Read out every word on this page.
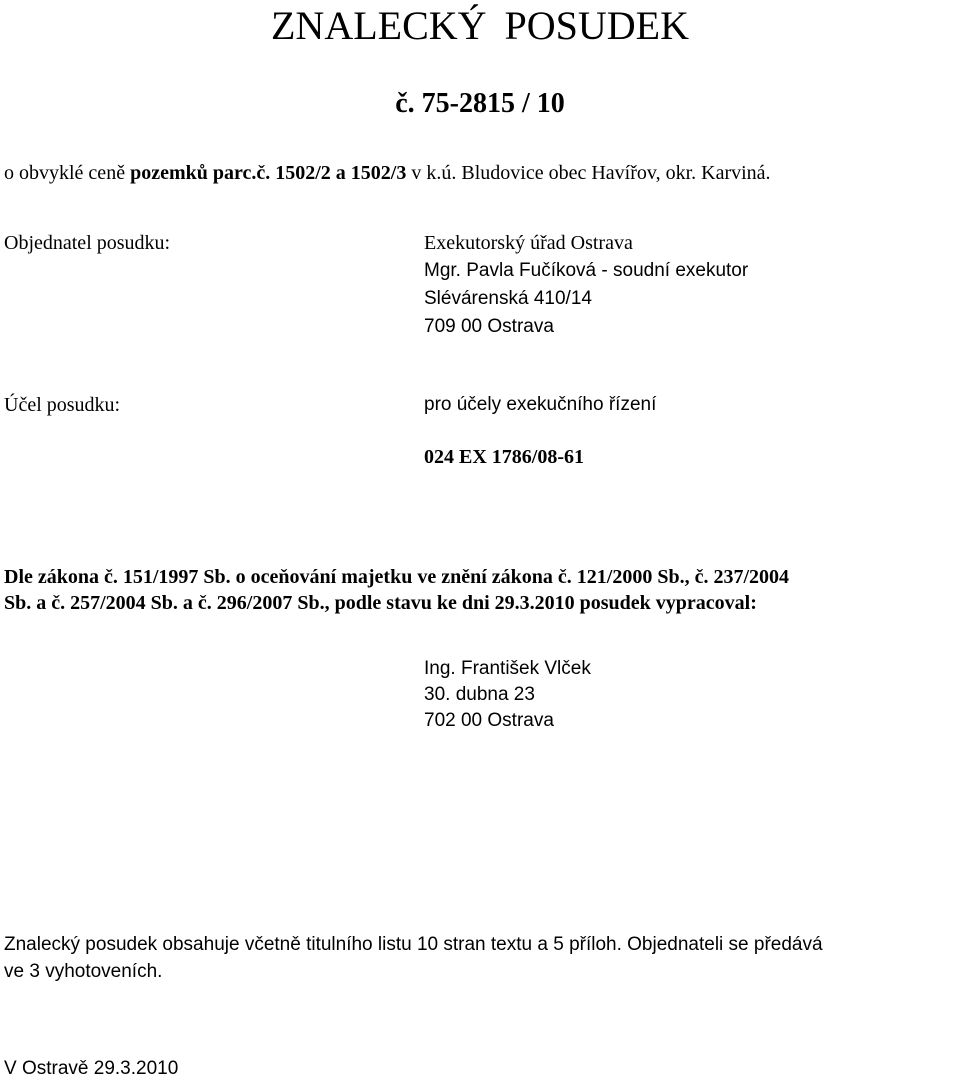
ZNALECKÝ POSUDEK
č. 75-2815 / 10
o obvyklé ceně pozemků parc.č. 1502/2 a 1502/3 v k.ú. Bludovice obec Havířov, okr. Karviná.
Objednatel posudku:	Exekutorský úřad Ostrava
Mgr. Pavla Fučíková - soudní exekutor
Slévárenská 410/14
709 00 Ostrava
Účel posudku:	pro účely exekučního řízení
024 EX 1786/08-61
Dle zákona č. 151/1997 Sb. o oceňování majetku ve znění zákona č. 121/2000 Sb., č. 237/2004
Sb. a č. 257/2004 Sb. a č. 296/2007 Sb., podle stavu ke dni 29.3.2010 posudek vypracoval:
Ing. František Vlček
30. dubna 23
702 00 Ostrava
Znalecký posudek obsahuje včetně titulního listu 10 stran textu a 5 příloh. Objednateli se předává
ve 3 vyhotoveních.
V Ostravě 29.3.2010
